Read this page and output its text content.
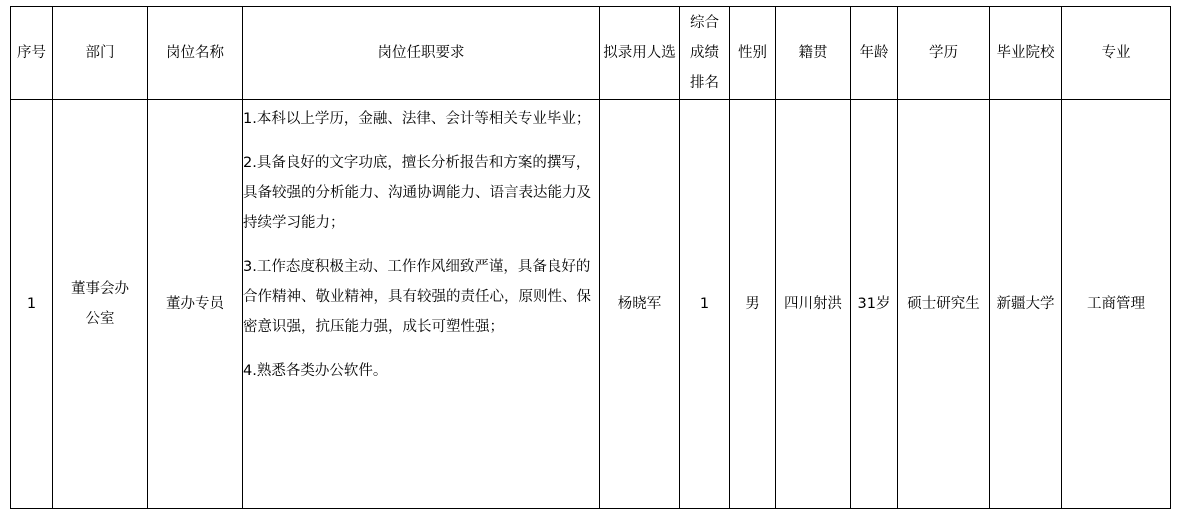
序号	部门	岗位名称	岗位任职要求	拟录用人选	综合成绩排名	性别	籍贯	年龄	学历	毕业院校	专业

1	董事会办公室	董办专员	1.本科以上学历，金融、法律、会计等相关专业毕业；
2.具备良好的文字功底，擅长分析报告和方案的撰写，具备较强的分析能力、沟通协调能力、语言表达能力及持续学习能力；
3.工作态度积极主动、工作作风细致严谨，具备良好的合作精神、敬业精神，具有较强的责任心，原则性、保密意识强，抗压能力强，成长可塑性强；
4.熟悉各类办公软件。	杨晓军	1	男	四川射洪	31岁	硕士研究生	新疆大学	工商管理
